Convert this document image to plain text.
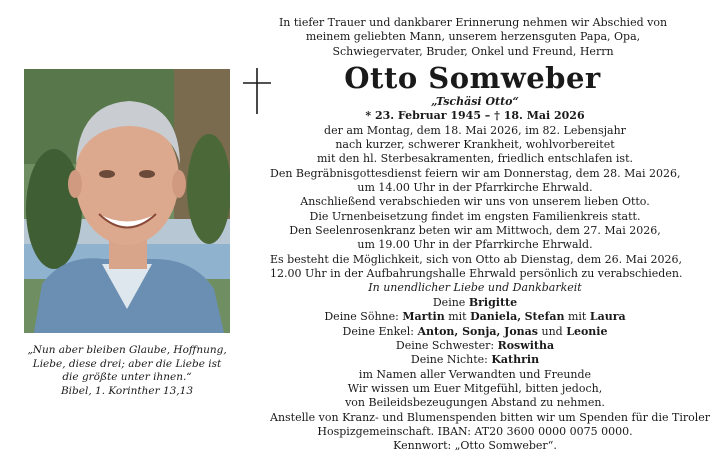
In tiefer Trauer und dankbarer Erinnerung nehmen wir Abschied von
meinem geliebten Mann, unserem herzensguten Papa, Opa,
Schwiegervater, Bruder, Onkel und Freund, Herrn
Otto Somweber
„Tschäsi Otto“
* 23. Februar 1945 – † 18. Mai 2026
der am Montag, dem 18. Mai 2026, im 82. Lebensjahr
nach kurzer, schwerer Krankheit, wohlvorbereitet
mit den hl. Sterbesakramenten, friedlich entschlafen ist.
Den Begräbnisgottesdienst feiern wir am Donnerstag, dem 28. Mai 2026,
um 14.00 Uhr in der Pfarrkirche Ehrwald.
Anschließend verabschieden wir uns von unserem lieben Otto.
Die Urnenbeisetzung findet im engsten Familienkreis statt.
Den Seelenrosenkranz beten wir am Mittwoch, dem 27. Mai 2026,
um 19.00 Uhr in der Pfarrkirche Ehrwald.
Es besteht die Möglichkeit, sich von Otto ab Dienstag, dem 26. Mai 2026,
12.00 Uhr in der Aufbahrungshalle Ehrwald persönlich zu verabschieden.
In unendlicher Liebe und Dankbarkeit
Deine Brigitte
Deine Söhne: Martin mit Daniela, Stefan mit Laura
Deine Enkel: Anton, Sonja, Jonas und Leonie
Deine Schwester: Roswitha
Deine Nichte: Kathrin
im Namen aller Verwandten und Freunde
Wir wissen um Euer Mitgefühl, bitten jedoch,
von Beileidsbezeugungen Abstand zu nehmen.
Anstelle von Kranz- und Blumenspenden bitten wir um Spenden für die Tiroler
Hospizgemeinschaft. IBAN: AT20 3600 0000 0075 0000.
Kennwort: „Otto Somweber“.
„Nun aber bleiben Glaube, Hoffnung,
Liebe, diese drei; aber die Liebe ist
die größte unter ihnen.“
Bibel, 1. Korinther 13,13
